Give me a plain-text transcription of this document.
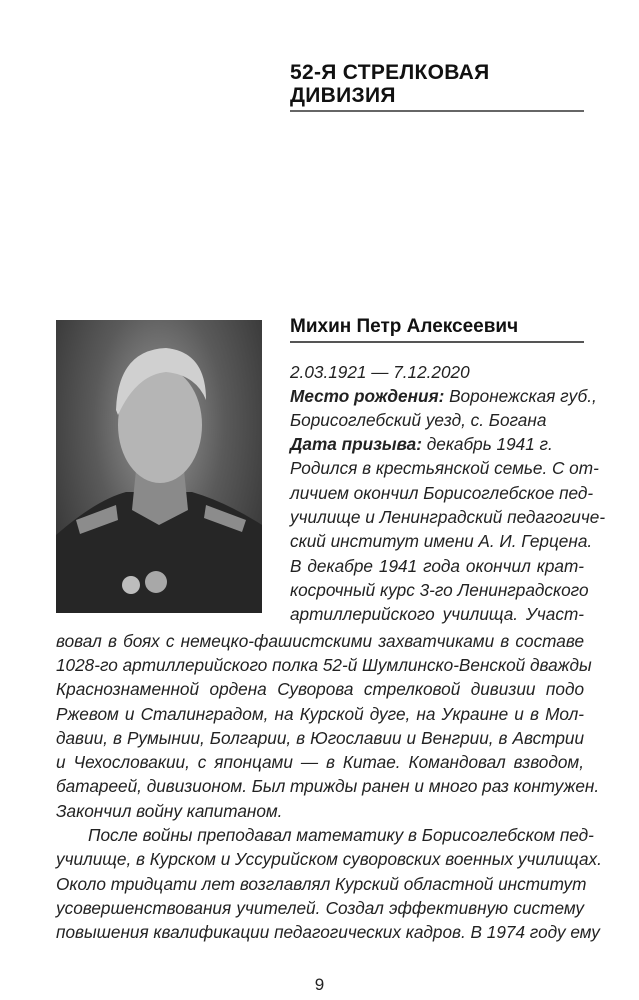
52-Я СТРЕЛКОВАЯ
ДИВИЗИЯ
Михин Петр Алексеевич
2.03.1921 — 7.12.2020
Место рождения: Воронежская губ.,
Борисоглебский уезд, с. Богана
Дата призыва: декабрь 1941 г.
Родился в крестьянской семье. С от-
личием окончил Борисоглебское пед-
училище и Ленинградский педагогиче-
ский институт имени А. И. Герцена.
В декабре 1941 года окончил крат-
косрочный курс 3-го Ленинградского
артиллерийского училища. Участ-
вовал в боях с немецко-фашистскими захватчиками в составе
1028-го артиллерийского полка 52-й Шумлинско-Венской дважды
Краснознаменной ордена Суворова стрелковой дивизии подо
Ржевом и Сталинградом, на Курской дуге, на Украине и в Мол-
давии, в Румынии, Болгарии, в Югославии и Венгрии, в Австрии
и Чехословакии, с японцами — в Китае. Командовал взводом,
батареей, дивизионом. Был трижды ранен и много раз контужен.
Закончил войну капитаном.
После войны преподавал математику в Борисоглебском пед-
училище, в Курском и Уссурийском суворовских военных училищах.
Около тридцати лет возглавлял Курский областной институт
усовершенствования учителей. Создал эффективную систему
повышения квалификации педагогических кадров. В 1974 году ему
9
